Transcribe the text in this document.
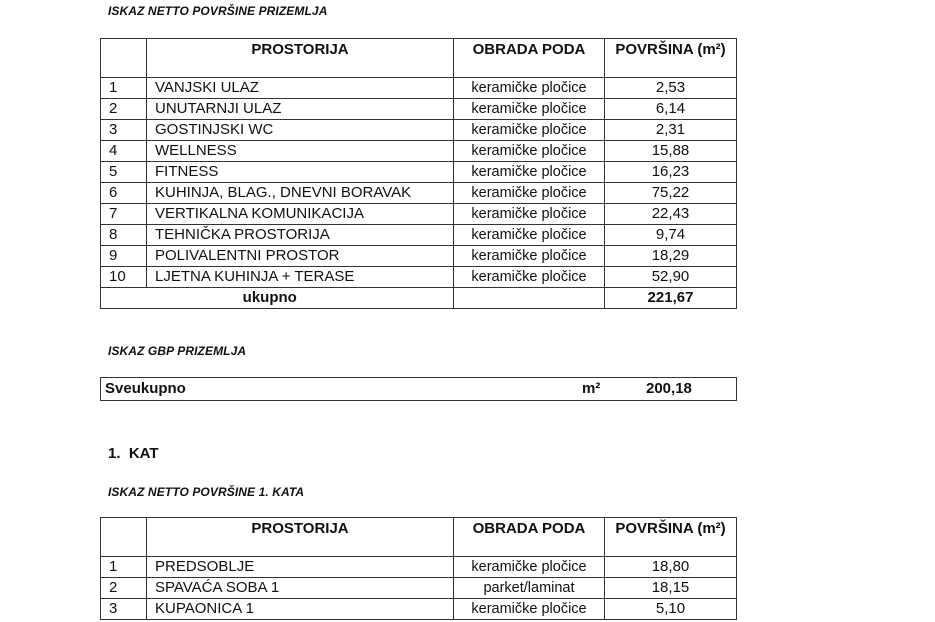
ISKAZ NETTO POVRŠINE PRIZEMLJA
	PROSTORIJA	OBRADA PODA	POVRŠINA (m²)
1	VANJSKI ULAZ	keramičke pločice	2,53
2	UNUTARNJI ULAZ	keramičke pločice	6,14
3	GOSTINJSKI WC	keramičke pločice	2,31
4	WELLNESS	keramičke pločice	15,88
5	FITNESS	keramičke pločice	16,23
6	KUHINJA, BLAG., DNEVNI BORAVAK	keramičke pločice	75,22
7	VERTIKALNA KOMUNIKACIJA	keramičke pločice	22,43
8	TEHNIČKA PROSTORIJA	keramičke pločice	9,74
9	POLIVALENTNI PROSTOR	keramičke pločice	18,29
10	LJETNA KUHINJA + TERASE	keramičke pločice	52,90
	ukupno		221,67
ISKAZ GBP PRIZEMLJA
Sveukupno	m²	200,18
1.  KAT
ISKAZ NETTO POVRŠINE 1. KATA
	PROSTORIJA	OBRADA PODA	POVRŠINA (m²)
1	PREDSOBLJE	keramičke pločice	18,80
2	SPAVAĆA SOBA 1	parket/laminat	18,15
3	KUPAONICA 1	keramičke pločice	5,10
